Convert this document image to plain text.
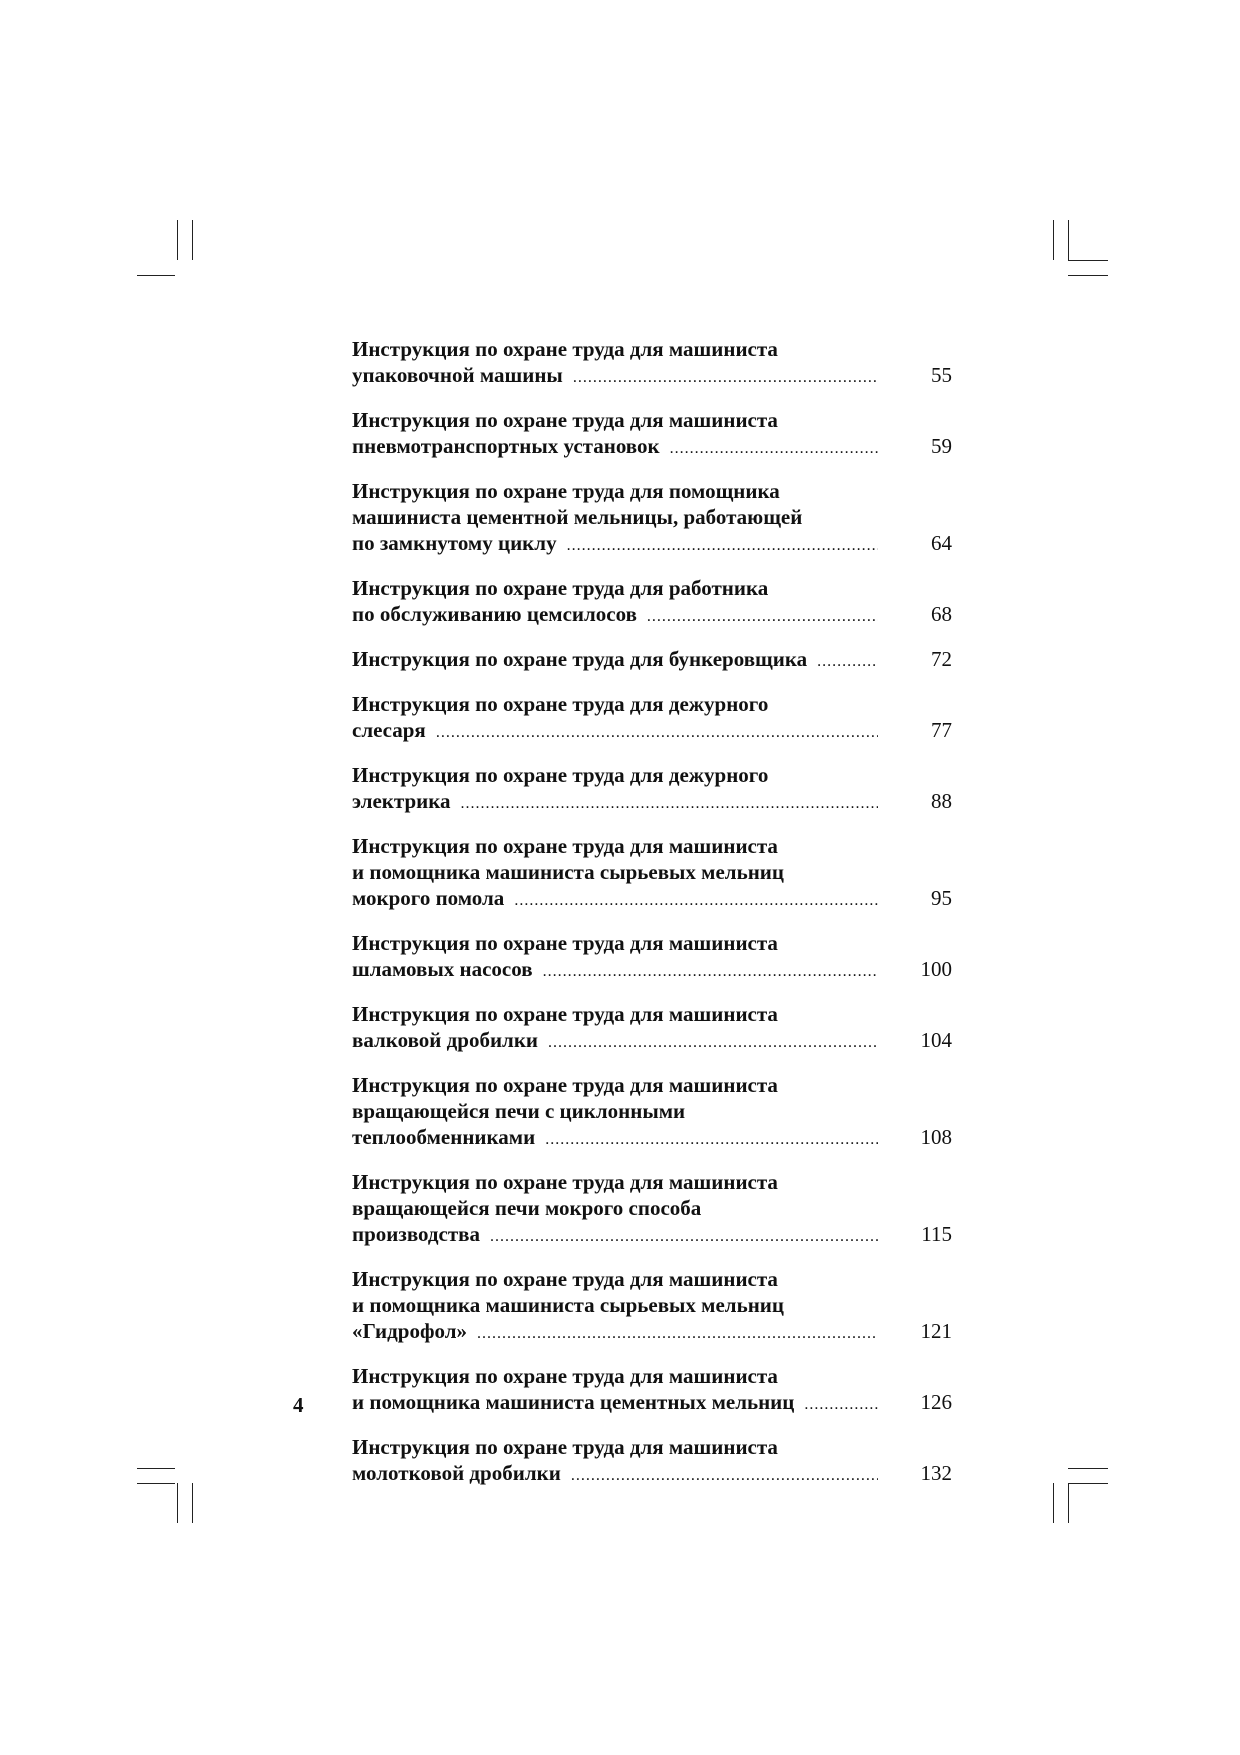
Инструкция по охране труда для машиниста
упаковочной машины .....	55
Инструкция по охране труда для машиниста
пневмотранспортных установок .....	59
Инструкция по охране труда для помощника
машиниста цементной мельницы, работающей
по замкнутому циклу .....	64
Инструкция по охране труда для работника
по обслуживанию цемсилосов .....	68
Инструкция по охране труда для бункеровщика .....	72
Инструкция по охране труда для дежурного
слесаря .....	77
Инструкция по охране труда для дежурного
электрика .....	88
Инструкция по охране труда для машиниста
и помощника машиниста сырьевых мельниц
мокрого помола .....	95
Инструкция по охране труда для машиниста
шламовых насосов .....	100
Инструкция по охране труда для машиниста
валковой дробилки .....	104
Инструкция по охране труда для машиниста
вращающейся печи с циклонными
теплообменниками .....	108
Инструкция по охране труда для машиниста
вращающейся печи мокрого способа
производства .....	115
Инструкция по охране труда для машиниста
и помощника машиниста сырьевых мельниц
«Гидрофол» .....	121
Инструкция по охране труда для машиниста
и помощника машиниста цементных мельниц .....	126
Инструкция по охране труда для машиниста
молотковой дробилки .....	132
4
